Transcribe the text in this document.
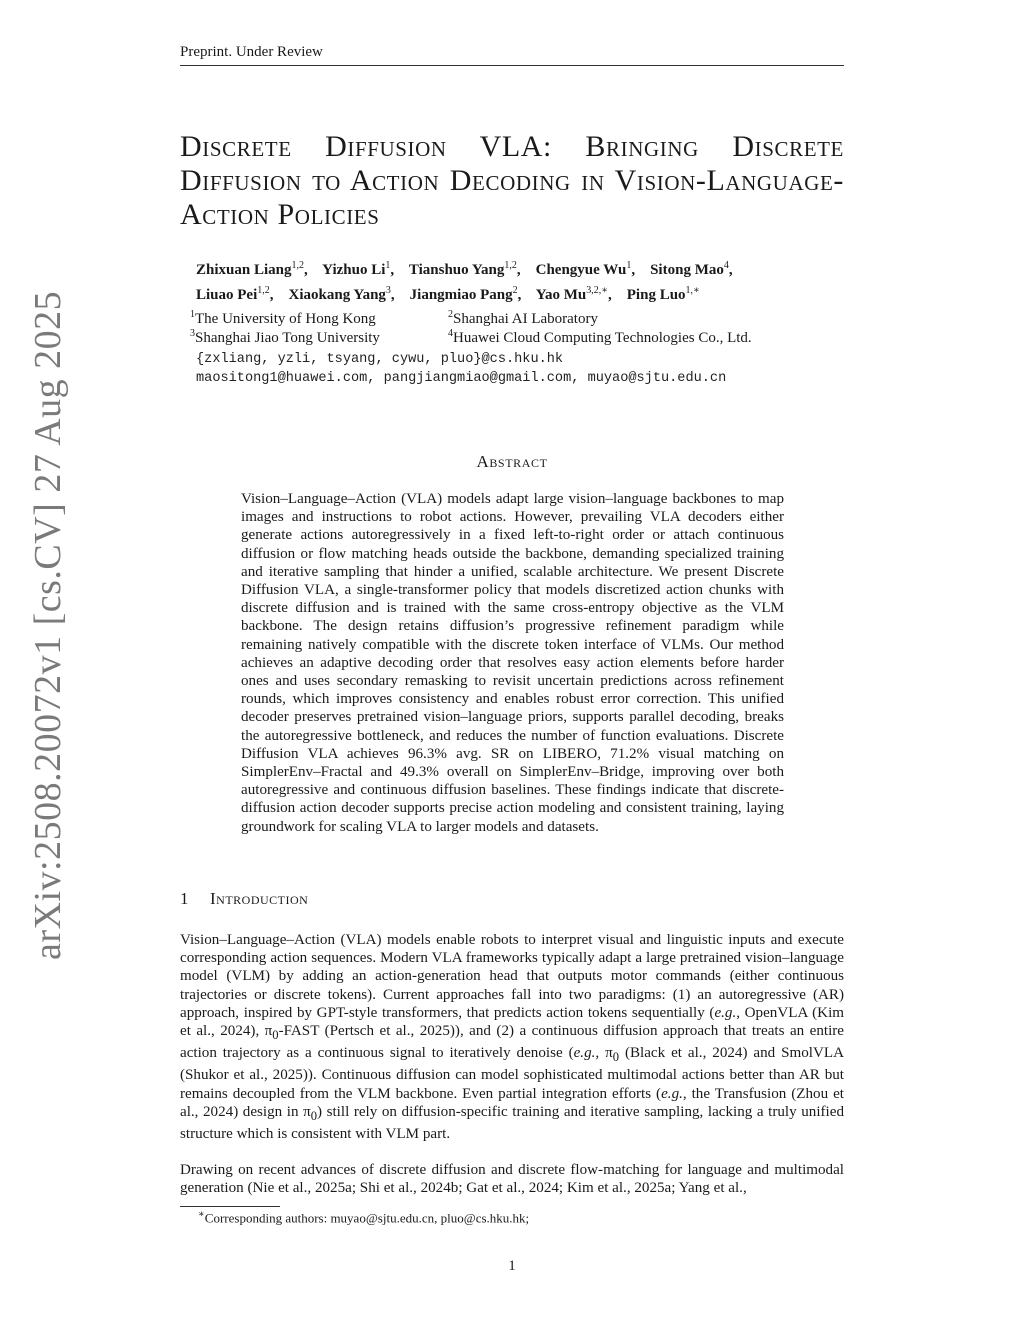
Preprint. Under Review
arXiv:2508.20072v1 [cs.CV] 27 Aug 2025
Discrete Diffusion VLA: Bringing Discrete Diffusion to Action Decoding in Vision-Language-Action Policies
Zhixuan Liang$^{1,2}$,    Yizhuo Li$^1$,    Tianshuo Yang$^{1,2}$,    Chengyue Wu$^1$,    Sitong Mao$^4$,
Liuao Pei$^{1,2}$,    Xiaokang Yang$^3$,    Jiangmiao Pang$^2$,    Yao $Mu^{3,2,∗}$,    Ping Luo$^{1,∗}$
$^1$The University of Hong Kong	$^2$Shanghai AI Laboratory
$^3$Shanghai Jiao Tong University	$^4$Huawei Cloud Computing Technologies Co., Ltd.
{zxliang, yzli, tsyang, cywu, pluo}@cs.hku.hk
maositong1@huawei.com, pangjiangmiao@gmail.com, muyao@sjtu.edu.cn
Abstract
Vision–Language–Action (VLA) models adapt large vision–language backbones to map images and instructions to robot actions. However, prevailing VLA decoders either generate actions autoregressively in a fixed left-to-right order or attach continuous diffusion or flow matching heads outside the backbone, demanding specialized training and iterative sampling that hinder a unified, scalable architecture. We present Discrete Diffusion VLA, a single-transformer policy that models discretized action chunks with discrete diffusion and is trained with the same cross-entropy objective as the VLM backbone. The design retains diffusion’s progressive refinement paradigm while remaining natively compatible with the discrete token interface of VLMs. Our method achieves an adaptive decoding order that resolves easy action elements before harder ones and uses secondary remasking to revisit uncertain predictions across refinement rounds, which improves consistency and enables robust error correction. This unified decoder preserves pretrained vision–language priors, supports parallel decoding, breaks the autoregressive bottleneck, and reduces the number of function evaluations. Discrete Diffusion VLA achieves 96.3% avg. SR on LIBERO, 71.2% visual matching on SimplerEnv–Fractal and 49.3% overall on SimplerEnv–Bridge, improving over both autoregressive and continuous diffusion baselines. These findings indicate that discrete-diffusion action decoder supports precise action modeling and consistent training, laying groundwork for scaling VLA to larger models and datasets.
1 Introduction
Vision–Language–Action (VLA) models enable robots to interpret visual and linguistic inputs and execute corresponding action sequences. Modern VLA frameworks typically adapt a large pretrained vision–language model (VLM) by adding an action-generation head that outputs motor commands (either continuous trajectories or discrete tokens). Current approaches fall into two paradigms: (1) an autoregressive (AR) approach, inspired by GPT-style transformers, that predicts action tokens sequentially (e.g., OpenVLA (Kim et al., 2024), $\pi_0$-FAST (Pertsch et al., 2025)), and (2) a continuous diffusion approach that treats an entire action trajectory as a continuous signal to iteratively denoise (e.g., $\pi_0$ (Black et al., 2024) and SmolVLA (Shukor et al., 2025)). Continuous diffusion can model sophisticated multimodal actions better than AR but remains decoupled from the VLM backbone. Even partial integration efforts (e.g., the Transfusion (Zhou et al., 2024) design in $\pi_0$) still rely on diffusion-specific training and iterative sampling, lacking a truly unified structure which is consistent with VLM part.
Drawing on recent advances of discrete diffusion and discrete flow-matching for language and multimodal generation (Nie et al., 2025a; Shi et al., 2024b; Gat et al., 2024; Kim et al., 2025a; Yang et al.,
∗Corresponding authors: muyao@sjtu.edu.cn, pluo@cs.hku.hk;
1
